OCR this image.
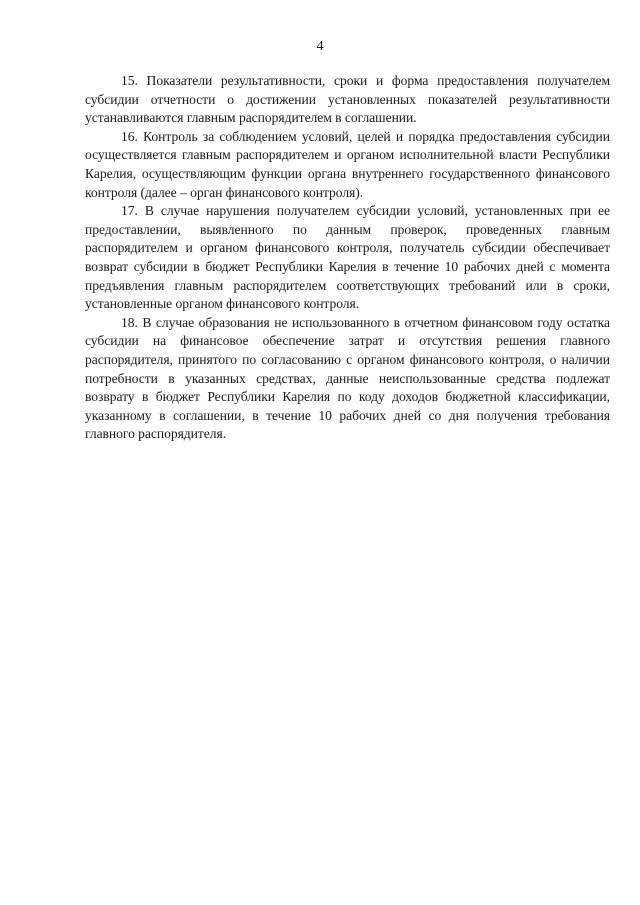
4

15. Показатели результативности, сроки и форма предоставления получателем субсидии отчетности о достижении установленных показателей результативности устанавливаются главным распорядителем в соглашении.

16. Контроль за соблюдением условий, целей и порядка предоставления субсидии осуществляется главным распорядителем и органом исполнительной власти Республики Карелия, осуществляющим функции органа внутреннего государственного финансового контроля (далее – орган финансового контроля).

17. В случае нарушения получателем субсидии условий, установленных при ее предоставлении, выявленного по данным проверок, проведенных главным распорядителем и органом финансового контроля, получатель субсидии обеспечивает возврат субсидии в бюджет Республики Карелия в течение 10 рабочих дней с момента предъявления главным распорядителем соответствующих требований или в сроки, установленные органом финансового контроля.

18. В случае образования не использованного в отчетном финансовом году остатка субсидии на финансовое обеспечение затрат и отсутствия решения главного распорядителя, принятого по согласованию с органом финансового контроля, о наличии потребности в указанных средствах, данные неиспользованные средства подлежат возврату в бюджет Республики Карелия по коду доходов бюджетной классификации, указанному в соглашении, в течение 10 рабочих дней со дня получения требования главного распорядителя.
